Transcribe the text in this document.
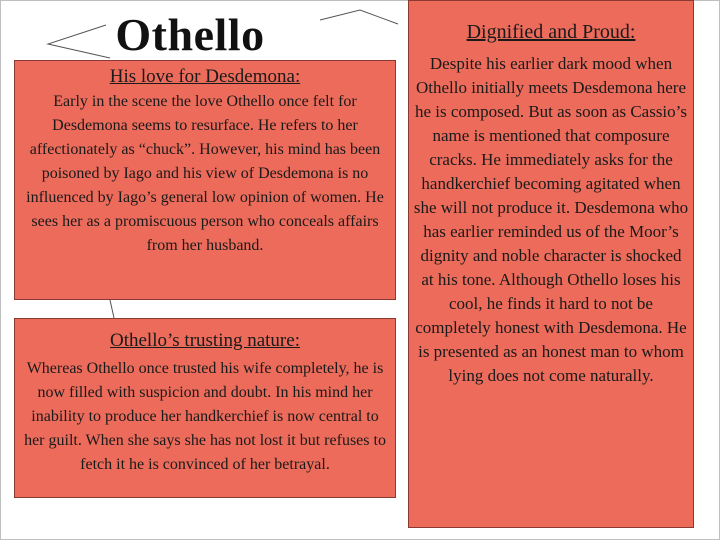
Othello

His love for Desdemona:

Early in the scene the love Othello once felt for Desdemona seems to resurface. He refers to her affectionately as “chuck”. However, his mind has been poisoned by Iago and his view of Desdemona is no influenced by Iago’s general low opinion of women. He sees her as a promiscuous person who conceals affairs from her husband.

Othello’s trusting nature:

Whereas Othello once trusted his wife completely, he is now filled with suspicion and doubt. In his mind her inability to produce her handkerchief is now central to her guilt. When she says she has not lost it but refuses to fetch it he is convinced of her betrayal.

Dignified and Proud:

Despite his earlier dark mood when Othello initially meets Desdemona here he is composed. But as soon as Cassio’s name is mentioned that composure cracks. He immediately asks for the handkerchief becoming agitated when she will not produce it. Desdemona who has earlier reminded us of the Moor’s dignity and noble character is shocked at his tone. Although Othello loses his cool, he finds it hard to not be completely honest with Desdemona. He is presented as an honest man to whom lying does not come naturally.
